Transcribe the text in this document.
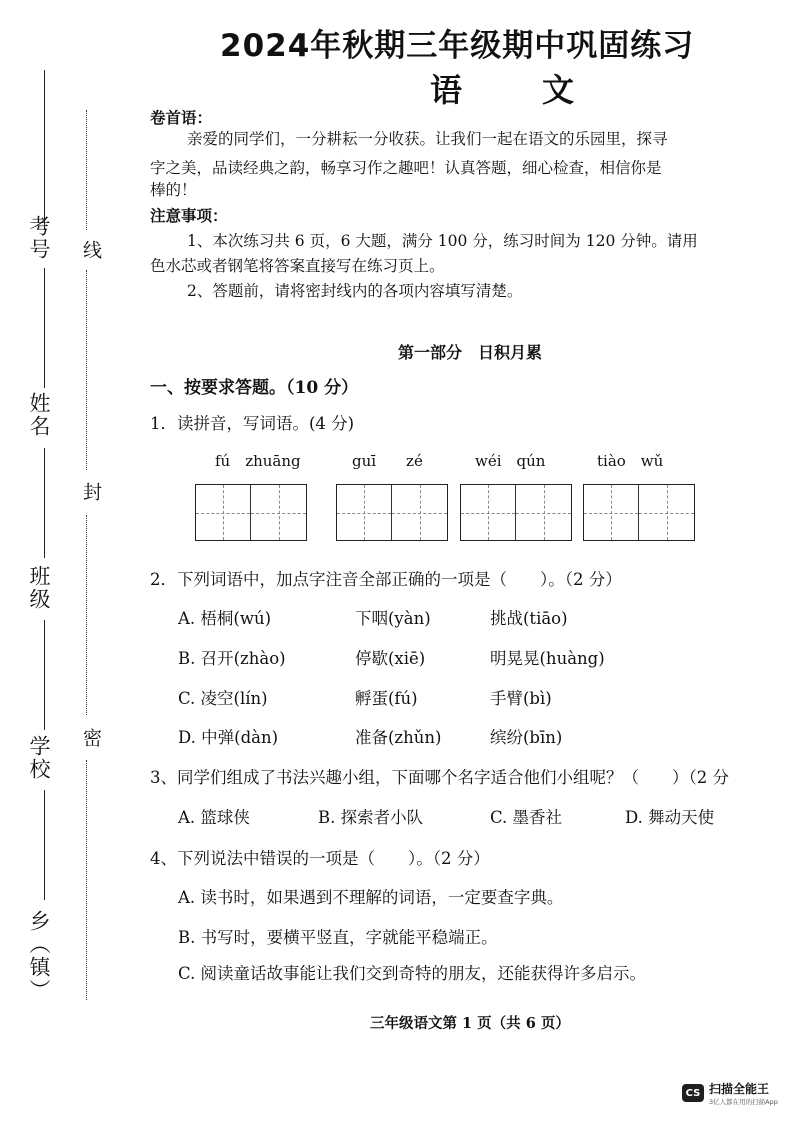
考号
姓名
班级
学校
乡（镇）
线
封
密
2024年秋期三年级期中巩固练习
语　文
卷首语：
亲爱的同学们，一分耕耘一分收获。让我们一起在语文的乐园里，探寻
字之美，品读经典之韵，畅享习作之趣吧！认真答题，细心检查，相信你是
棒的！
注意事项：
1、本次练习共 6 页，6 大题，满分 100 分，练习时间为 120 分钟。请用
色水芯或者钢笔将答案直接写在练习页上。
2、答题前，请将密封线内的各项内容填写清楚。
第一部分　日积月累
一、按要求答题。（10 分）
1．读拼音，写词语。(4 分)
fú　zhuāng	guī　　zé	wéi　qún	tiào　wǔ
2．下列词语中，加点字注音全部正确的一项是（　　）。（2 分）
A. 梧桐(wú)	下咽(yàn)	挑战(tiāo)
B. 召开(zhào)	停歇(xiē)	明晃晃(huàng)
C. 凌空(lín)	孵蛋(fú)	手臂(bì)
D. 中弹(dàn)	准备(zhǔn)	缤纷(bīn)
3、同学们组成了书法兴趣小组，下面哪个名字适合他们小组呢？（　　）（2 分
A. 篮球侠	B. 探索者小队	C. 墨香社	D. 舞动天使
4、下列说法中错误的一项是（　　）。（2 分）
A. 读书时，如果遇到不理解的词语，一定要查字典。
B. 书写时，要横平竖直，字就能平稳端正。
C. 阅读童话故事能让我们交到奇特的朋友，还能获得许多启示。
三年级语文第 1 页（共 6 页）
CS 扫描全能王
3亿人都在用的扫描App
